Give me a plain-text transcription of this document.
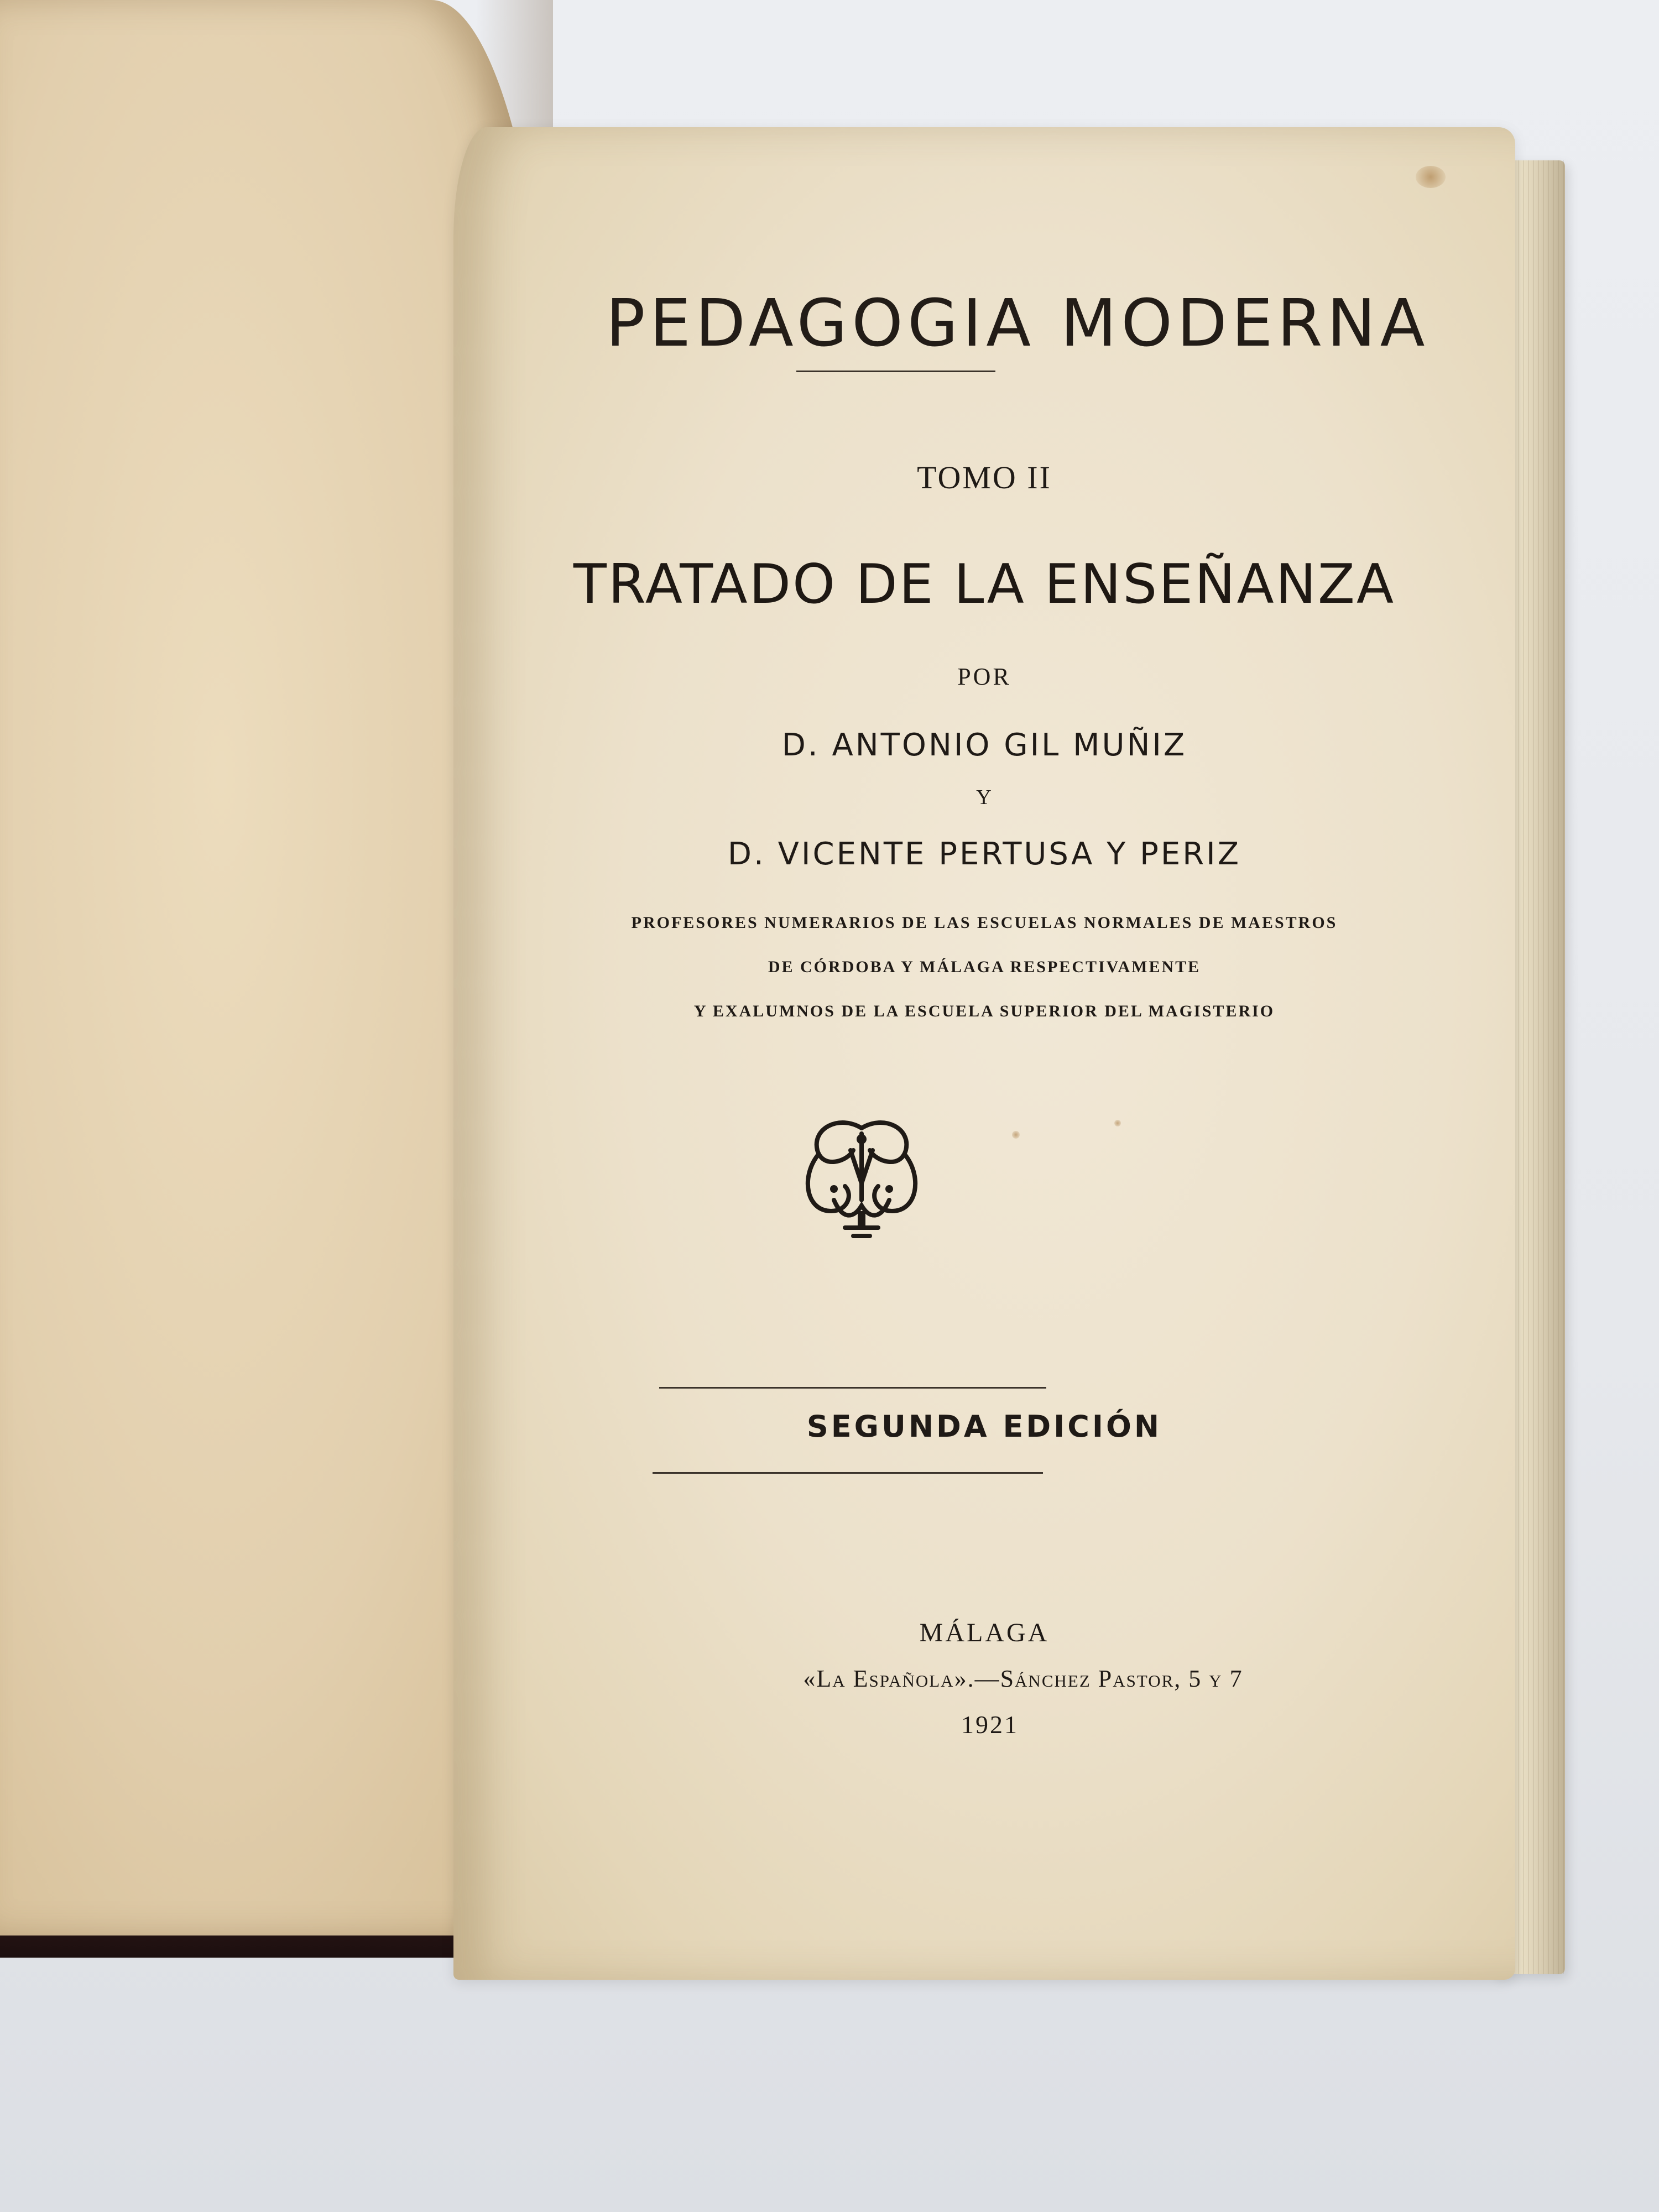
PEDAGOGIA MODERNA
TOMO II
TRATADO DE LA ENSEÑANZA
POR
D. ANTONIO GIL MUÑIZ
Y
D. VICENTE PERTUSA Y PERIZ
PROFESORES NUMERARIOS DE LAS ESCUELAS NORMALES DE MAESTROS
DE CÓRDOBA Y MÁLAGA RESPECTIVAMENTE
Y EXALUMNOS DE LA ESCUELA SUPERIOR DEL MAGISTERIO
SEGUNDA EDICIÓN
MÁLAGA
«La Española».—Sánchez Pastor, 5 y 7
1921
